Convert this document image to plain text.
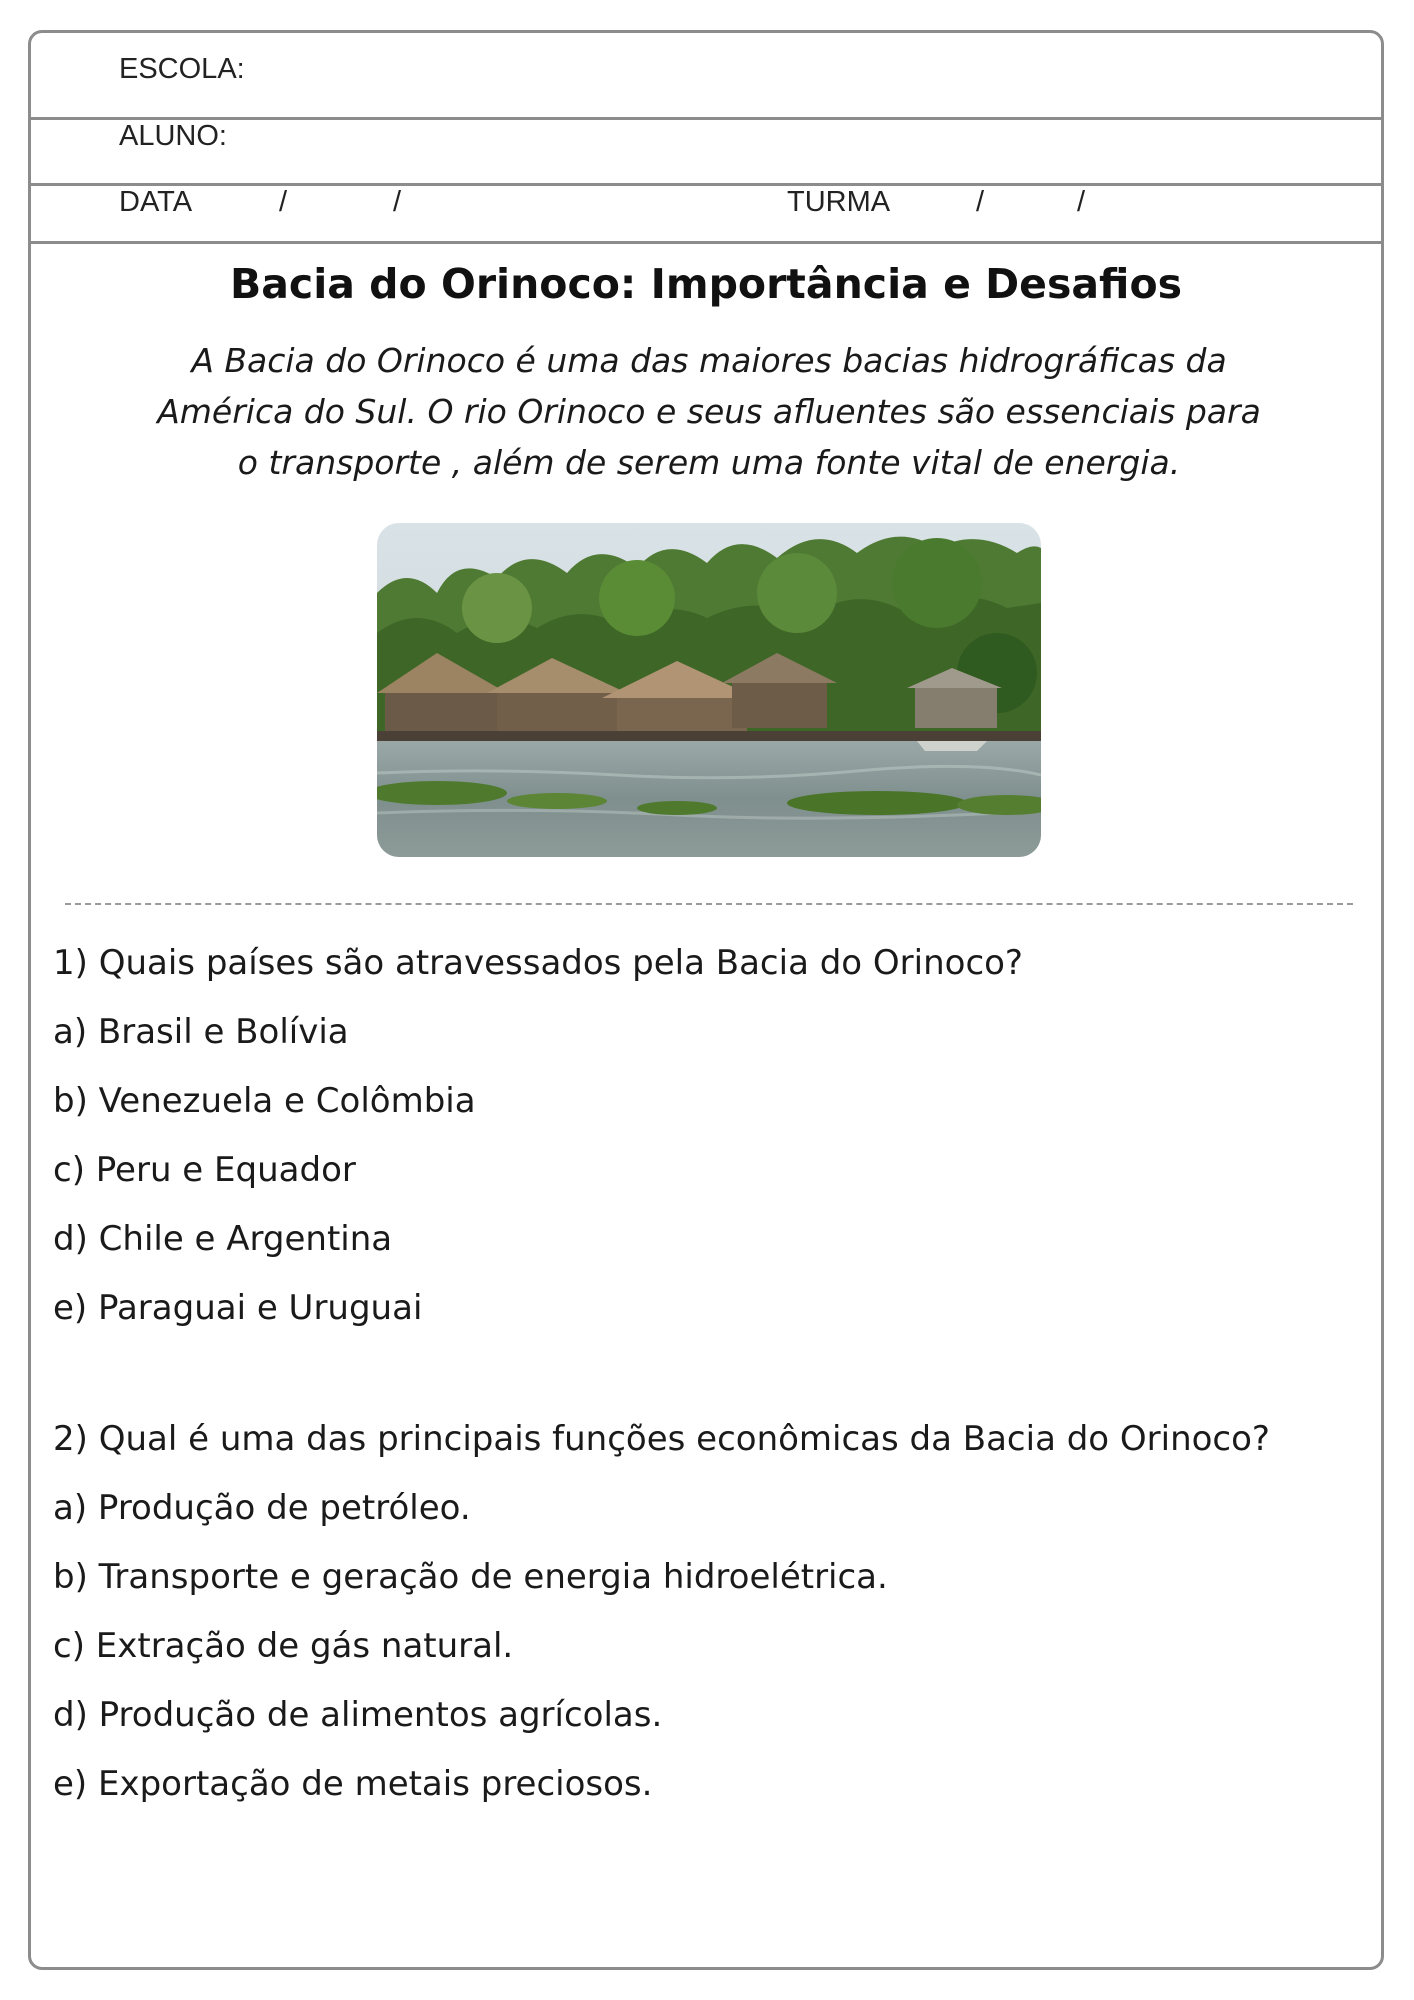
ESCOLA:
ALUNO:
DATA	/	/	TURMA	/	/
Bacia do Orinoco: Importância e Desafios
A Bacia do Orinoco é uma das maiores bacias hidrográficas da América do Sul. O rio Orinoco e seus afluentes são essenciais para o transporte , além de serem uma fonte vital de energia.
1) Quais países são atravessados pela Bacia do Orinoco?
a) Brasil e Bolívia
b) Venezuela e Colômbia
c) Peru e Equador
d) Chile e Argentina
e) Paraguai e Uruguai
2) Qual é uma das principais funções econômicas da Bacia do Orinoco?
a) Produção de petróleo.
b) Transporte e geração de energia hidroelétrica.
c) Extração de gás natural.
d) Produção de alimentos agrícolas.
e) Exportação de metais preciosos.
